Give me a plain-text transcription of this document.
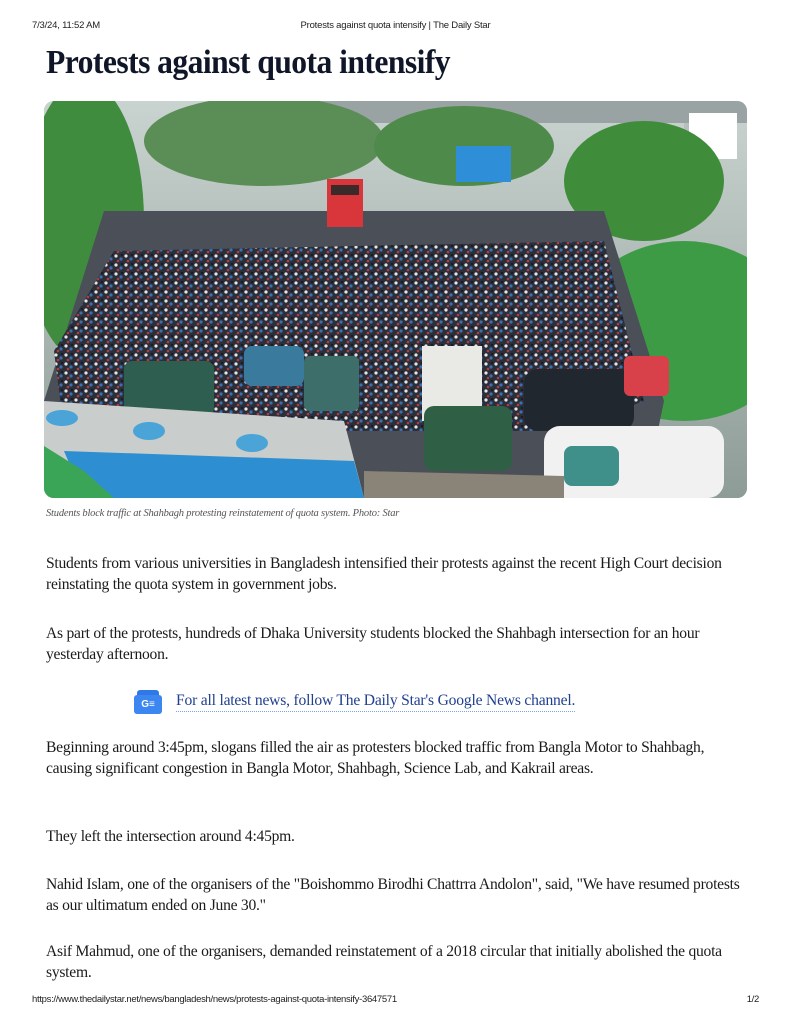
7/3/24, 11:52 AM	Protests against quota intensify | The Daily Star
Protests against quota intensify
Students block traffic at Shahbagh protesting reinstatement of quota system. Photo: Star

Students from various universities in Bangladesh intensified their protests against the recent High Court decision reinstating the quota system in government jobs.

As part of the protests, hundreds of Dhaka University students blocked the Shahbagh intersection for an hour yesterday afternoon.

G≡	For all latest news, follow The Daily Star's Google News channel.

Beginning around 3:45pm, slogans filled the air as protesters blocked traffic from Bangla Motor to Shahbagh, causing significant congestion in Bangla Motor, Shahbagh, Science Lab, and Kakrail areas.

They left the intersection around 4:45pm.

Nahid Islam, one of the organisers of the "Boishommo Birodhi Chattrra Andolon", said, "We have resumed protests as our ultimatum ended on June 30."

Asif Mahmud, one of the organisers, demanded reinstatement of a 2018 circular that initially abolished the quota system.

https://www.thedailystar.net/news/bangladesh/news/protests-against-quota-intensify-3647571	1/2
